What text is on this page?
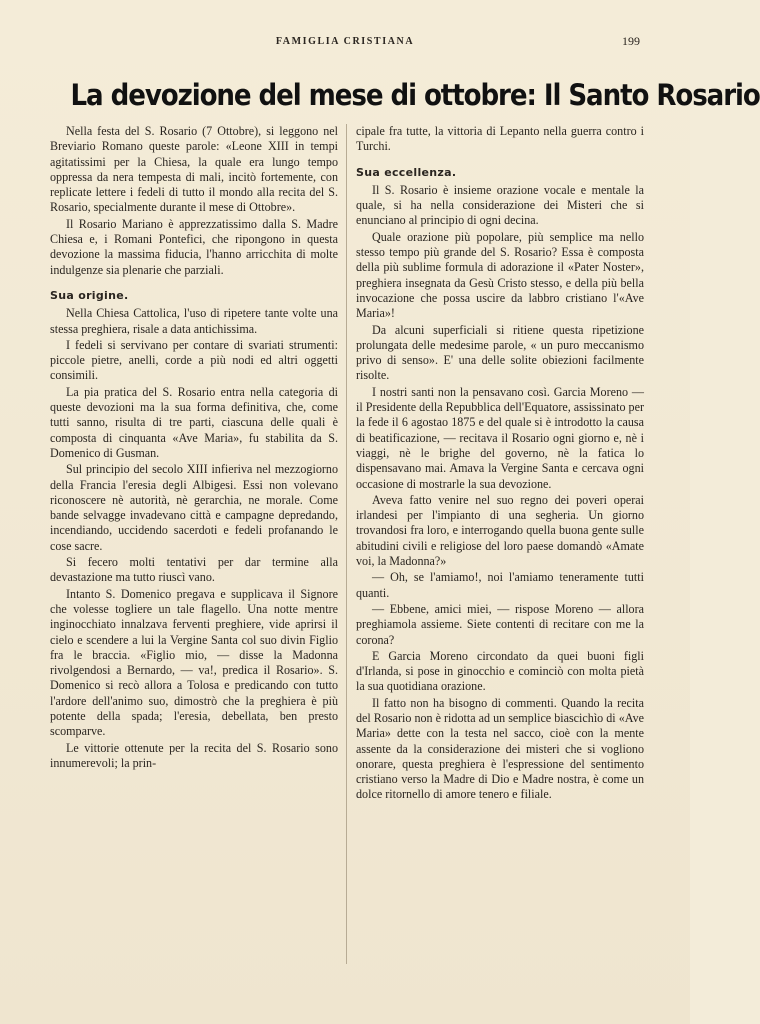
FAMIGLIA CRISTIANA	199
La devozione del mese di ottobre: Il Santo Rosario

Nella festa del S. Rosario (7 Ottobre), si leggono nel Breviario Romano queste parole: «Leone XIII in tempi agitatissimi per la Chiesa, la quale era lungo tempo oppressa da nera tempesta di mali, incitò fortemente, con replicate lettere i fedeli di tutto il mondo alla recita del S. Rosario, specialmente durante il mese di Ottobre».

Il Rosario Mariano è apprezzatissimo dalla S. Madre Chiesa e, i Romani Pontefici, che ripongono in questa devozione la massima fiducia, l'hanno arricchita di molte indulgenze sia plenarie che parziali.

Sua origine.

Nella Chiesa Cattolica, l'uso di ripetere tante volte una stessa preghiera, risale a data antichissima.

I fedeli si servivano per contare di svariati strumenti: piccole pietre, anelli, corde a più nodi ed altri oggetti consimili.

La pia pratica del S. Rosario entra nella categoria di queste devozioni ma la sua forma definitiva, che, come tutti sanno, risulta di tre parti, ciascuna delle quali è composta di cinquanta «Ave Maria», fu stabilita da S. Domenico di Gusman.

Sul principio del secolo XIII infieriva nel mezzogiorno della Francia l'eresia degli Albigesi. Essi non volevano riconoscere nè autorità, nè gerarchia, ne morale. Come bande selvagge invadevano città e campagne depredando, incendiando, uccidendo sacerdoti e fedeli profanando le cose sacre.

Si fecero molti tentativi per dar termine alla devastazione ma tutto riuscì vano.

Intanto S. Domenico pregava e supplicava il Signore che volesse togliere un tale flagello. Una notte mentre inginocchiato innalzava ferventi preghiere, vide aprirsi il cielo e scendere a lui la Vergine Santa col suo divin Figlio fra le braccia. «Figlio mio, — disse la Madonna rivolgendosi a Bernardo, — va!, predica il Rosario». S. Domenico si recò allora a Tolosa e predicando con tutto l'ardore dell'animo suo, dimostrò che la preghiera è più potente della spada; l'eresia, debellata, ben presto scomparve.

Le vittorie ottenute per la recita del S. Rosario sono innumerevoli; la prin-

cipale fra tutte, la vittoria di Lepanto nella guerra contro i Turchi.

Sua eccellenza.

Il S. Rosario è insieme orazione vocale e mentale la quale, si ha nella considerazione dei Misteri che si enunciano al principio di ogni decina.

Quale orazione più popolare, più semplice ma nello stesso tempo più grande del S. Rosario? Essa è composta della più sublime formula di adorazione il «Pater Noster», preghiera insegnata da Gesù Cristo stesso, e della più bella invocazione che possa uscire da labbro cristiano l'«Ave Maria»!

Da alcuni superficiali si ritiene questa ripetizione prolungata delle medesime parole, « un puro meccanismo privo di senso». E' una delle solite obiezioni facilmente risolte.

I nostri santi non la pensavano così. Garcia Moreno — il Presidente della Repubblica dell'Equatore, assissinato per la fede il 6 agostao 1875 e del quale si è introdotto la causa di beatificazione, — recitava il Rosario ogni giorno e, nè i viaggi, nè le brighe del governo, nè la fatica lo dispensavano mai. Amava la Vergine Santa e cercava ogni occasione di mostrarle la sua devozione.

Aveva fatto venire nel suo regno dei poveri operai irlandesi per l'impianto di una segheria. Un giorno trovandosi fra loro, e interrogando quella buona gente sulle abitudini civili e religiose del loro paese domandò «Amate voi, la Madonna?»

— Oh, se l'amiamo!, noi l'amiamo teneramente tutti quanti.

— Ebbene, amici miei, — rispose Moreno — allora preghiamola assieme. Siete contenti di recitare con me la corona?

E Garcia Moreno circondato da quei buoni figli d'Irlanda, si pose in ginocchio e cominciò con molta pietà la sua quotidiana orazione.

Il fatto non ha bisogno di commenti. Quando la recita del Rosario non è ridotta ad un semplice biascichìo di «Ave Maria» dette con la testa nel sacco, cioè con la mente assente da la considerazione dei misteri che si vogliono onorare, questa preghiera è l'espressione del sentimento cristiano verso la Madre di Dio e Madre nostra, è come un dolce ritornello di amore tenero e filiale.
